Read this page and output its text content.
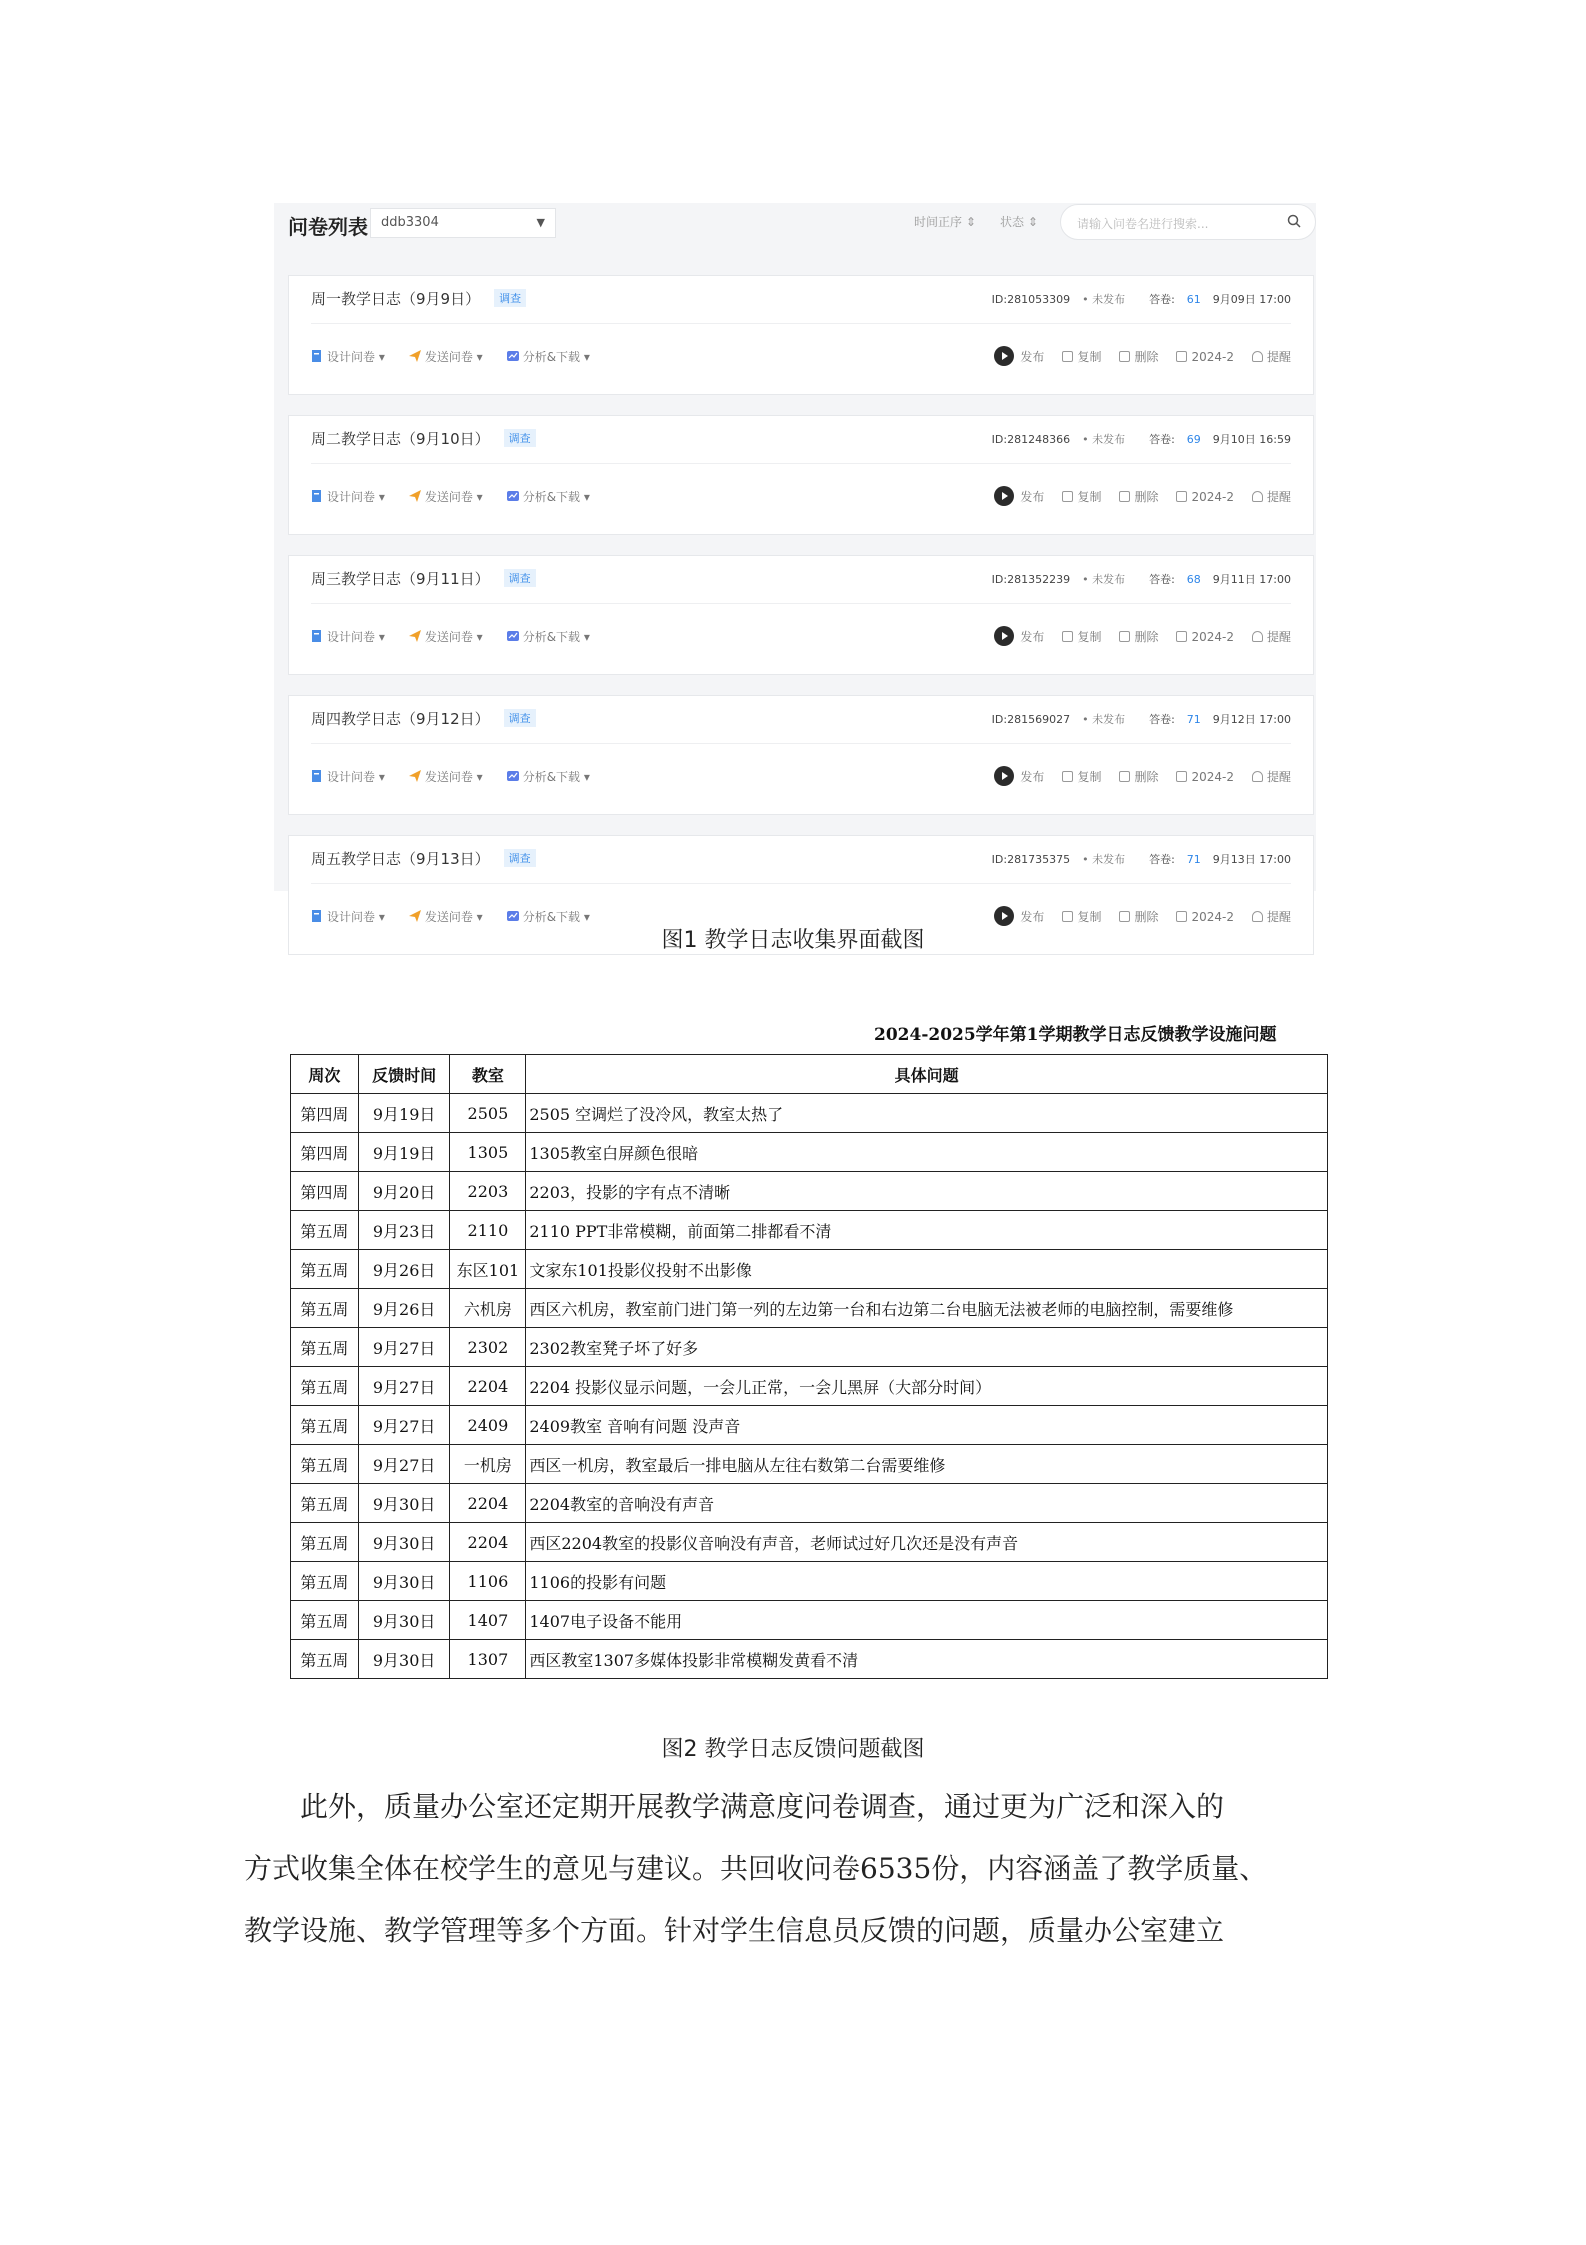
问卷列表	ddb3304	▼	时间正序 ⇕ 状态 ⇕	请输入问卷名进行搜索...
周一教学日志（9月9日） 调查	ID:281053309 • 未发布 答卷: 61 9月09日 17:00
设计问卷 ▾	发送问卷 ▾	分析&下载 ▾	发布	复制	删除	2024-2	提醒
周二教学日志（9月10日） 调查	ID:281248366 • 未发布 答卷: 69 9月10日 16:59
设计问卷 ▾	发送问卷 ▾	分析&下载 ▾	发布	复制	删除	2024-2	提醒
周三教学日志（9月11日） 调查	ID:281352239 • 未发布 答卷: 68 9月11日 17:00
设计问卷 ▾	发送问卷 ▾	分析&下载 ▾	发布	复制	删除	2024-2	提醒
周四教学日志（9月12日） 调查	ID:281569027 • 未发布 答卷: 71 9月12日 17:00
设计问卷 ▾	发送问卷 ▾	分析&下载 ▾	发布	复制	删除	2024-2	提醒
周五教学日志（9月13日） 调查	ID:281735375 • 未发布 答卷: 71 9月13日 17:00
设计问卷 ▾	发送问卷 ▾	分析&下载 ▾	发布	复制	删除	2024-2	提醒
图1 教学日志收集界面截图
2024-2025学年第1学期教学日志反馈教学设施问题
周次	反馈时间	教室	具体问题
第四周	9月19日	2505	2505 空调烂了没冷风，教室太热了
第四周	9月19日	1305	1305教室白屏颜色很暗
第四周	9月20日	2203	2203，投影的字有点不清晰
第五周	9月23日	2110	2110 PPT非常模糊，前面第二排都看不清
第五周	9月26日	东区101	文家东101投影仪投射不出影像
第五周	9月26日	六机房	西区六机房，教室前门进门第一列的左边第一台和右边第二台电脑无法被老师的电脑控制，需要维修
第五周	9月27日	2302	2302教室凳子坏了好多
第五周	9月27日	2204	2204 投影仪显示问题，一会儿正常，一会儿黑屏（大部分时间）
第五周	9月27日	2409	2409教室 音响有问题 没声音
第五周	9月27日	一机房	西区一机房，教室最后一排电脑从左往右数第二台需要维修
第五周	9月30日	2204	2204教室的音响没有声音
第五周	9月30日	2204	西区2204教室的投影仪音响没有声音，老师试过好几次还是没有声音
第五周	9月30日	1106	1106的投影有问题
第五周	9月30日	1407	1407电子设备不能用
第五周	9月30日	1307	西区教室1307多媒体投影非常模糊发黄看不清
图2 教学日志反馈问题截图

　　此外，质量办公室还定期开展教学满意度问卷调查，通过更为广泛和深入的

方式收集全体在校学生的意见与建议。共回收问卷6535份，内容涵盖了教学质量、

教学设施、教学管理等多个方面。针对学生信息员反馈的问题，质量办公室建立
